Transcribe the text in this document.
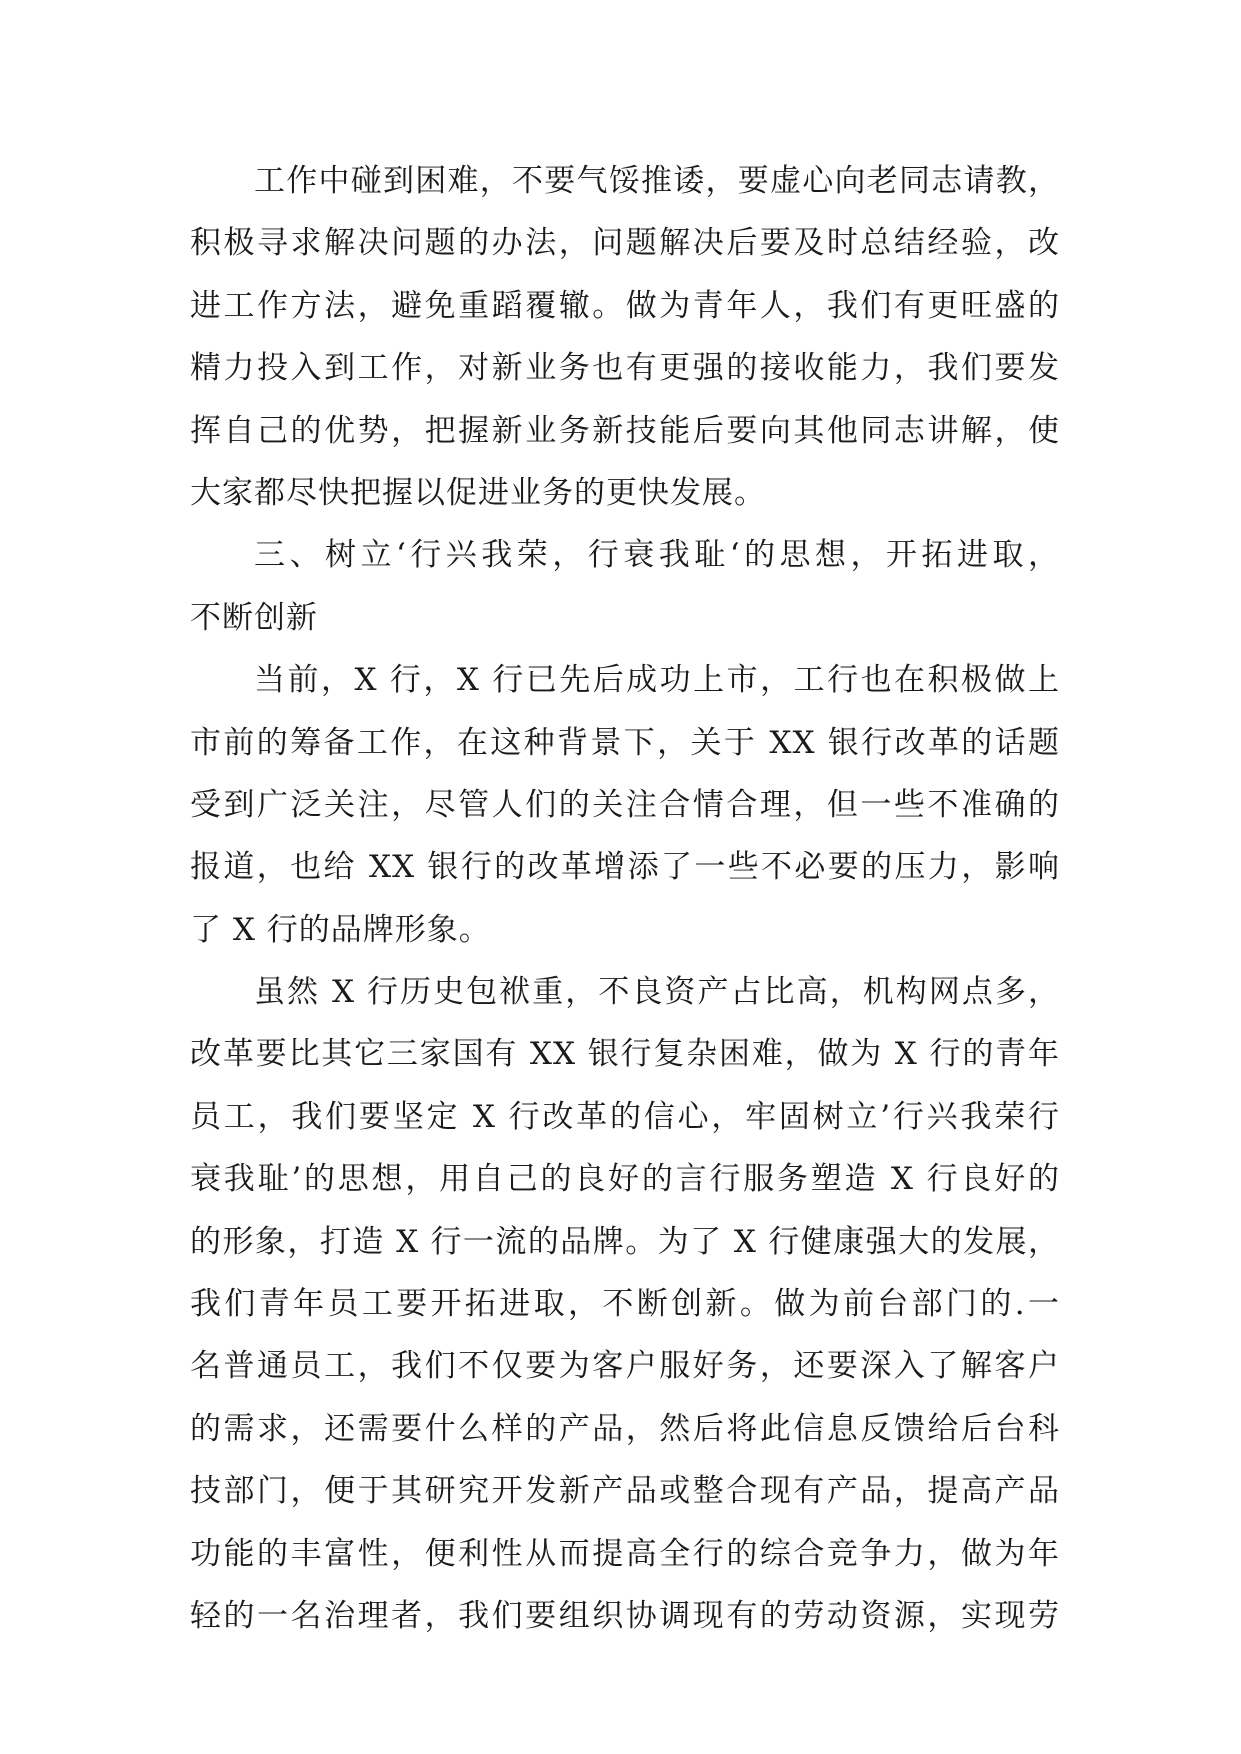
工作中碰到困难，不要气馁推诿，要虚心向老同志请教，
积极寻求解决问题的办法，问题解决后要及时总结经验，改
进工作方法，避免重蹈覆辙。做为青年人，我们有更旺盛的
精力投入到工作，对新业务也有更强的接收能力，我们要发
挥自己的优势，把握新业务新技能后要向其他同志讲解，使
大家都尽快把握以促进业务的更快发展。
三、树立‘行兴我荣，行衰我耻‘的思想，开拓进取，
不断创新
当前，X 行，X 行已先后成功上市，工行也在积极做上
市前的筹备工作，在这种背景下，关于 XX 银行改革的话题
受到广泛关注，尽管人们的关注合情合理，但一些不准确的
报道，也给 XX 银行的改革增添了一些不必要的压力，影响
了 X 行的品牌形象。
虽然 X 行历史包袱重，不良资产占比高，机构网点多，
改革要比其它三家国有 XX 银行复杂困难，做为 X 行的青年
员工，我们要坚定 X 行改革的信心，牢固树立’行兴我荣行
衰我耻’的思想，用自己的良好的言行服务塑造 X 行良好的
的形象，打造 X 行一流的品牌。为了 X 行健康强大的发展，
我们青年员工要开拓进取，不断创新。做为前台部门的.一
名普通员工，我们不仅要为客户服好务，还要深入了解客户
的需求，还需要什么样的产品，然后将此信息反馈给后台科
技部门，便于其研究开发新产品或整合现有产品，提高产品
功能的丰富性，便利性从而提高全行的综合竞争力，做为年
轻的一名治理者，我们要组织协调现有的劳动资源，实现劳
